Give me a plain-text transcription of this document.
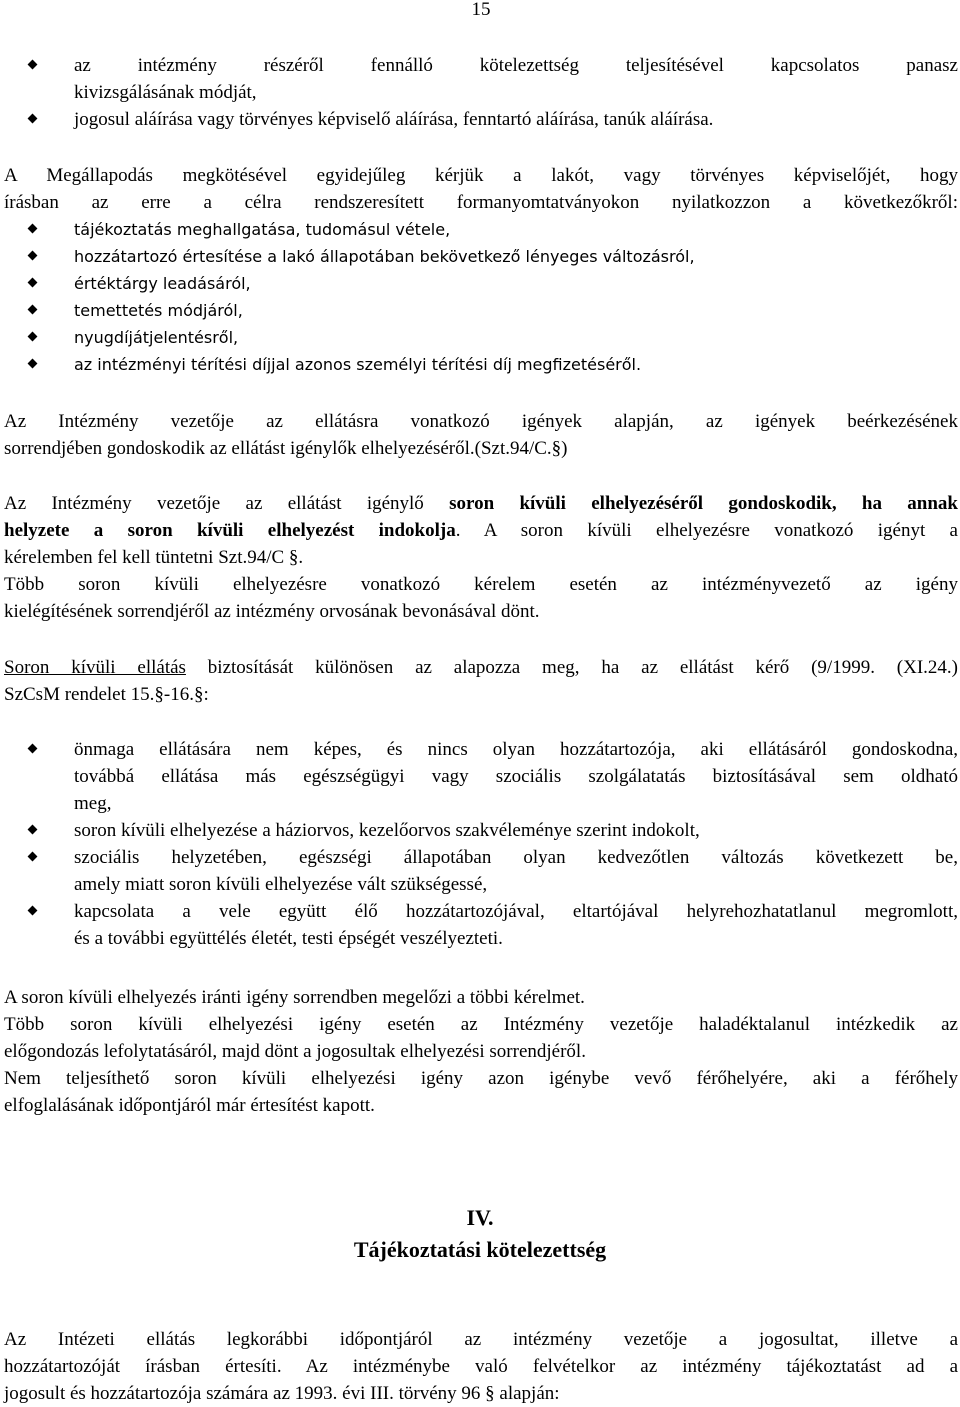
15
az intézmény részéről fennálló kötelezettség teljesítésével kapcsolatos panasz
kivizsgálásának módját,
jogosul aláírása vagy törvényes képviselő aláírása, fenntartó aláírása, tanúk aláírása.
A Megállapodás megkötésével egyidejűleg kérjük a lakót, vagy törvényes képviselőjét, hogy
írásban az erre a célra rendszeresített formanyomtatványokon nyilatkozzon a következőkről:
tájékoztatás meghallgatása, tudomásul vétele,
hozzátartozó értesítése a lakó állapotában bekövetkező lényeges változásról,
értéktárgy leadásáról,
temettetés módjáról,
nyugdíjátjelentésről,
az intézményi térítési díjjal azonos személyi térítési díj megfizetéséről.
Az Intézmény vezetője az ellátásra vonatkozó igények alapján, az igények beérkezésének
sorrendjében gondoskodik az ellátást igénylők elhelyezéséről.(Szt.94/C.§)
Az Intézmény vezetője az ellátást igénylő soron kívüli elhelyezéséről gondoskodik, ha annak
helyzete a soron kívüli elhelyezést indokolja. A soron kívüli elhelyezésre vonatkozó igényt a
kérelemben fel kell tüntetni Szt.94/C §.
Több soron kívüli elhelyezésre vonatkozó kérelem esetén az intézményvezető az igény
kielégítésének sorrendjéről az intézmény orvosának bevonásával dönt.
Soron kívüli ellátás biztosítását különösen az alapozza meg, ha az ellátást kérő (9/1999. (XI.24.)
SzCsM rendelet 15.§-16.§:
önmaga ellátására nem képes, és nincs olyan hozzátartozója, aki ellátásáról gondoskodna,
továbbá ellátása más egészségügyi vagy szociális szolgálatatás biztosításával sem oldható
meg,
soron kívüli elhelyezése a háziorvos, kezelőorvos szakvéleménye szerint indokolt,
szociális helyzetében, egészségi állapotában olyan kedvezőtlen változás következett be,
amely miatt soron kívüli elhelyezése vált szükségessé,
kapcsolata a vele együtt élő hozzátartozójával, eltartójával helyrehozhatatlanul megromlott,
és a további együttélés életét, testi épségét veszélyezteti.
A soron kívüli elhelyezés iránti igény sorrendben megelőzi a többi kérelmet.
Több soron kívüli elhelyezési igény esetén az Intézmény vezetője haladéktalanul intézkedik az
előgondozás lefolytatásáról, majd dönt a jogosultak elhelyezési sorrendjéről.
Nem teljesíthető soron kívüli elhelyezési igény azon igénybe vevő férőhelyére, aki a férőhely
elfoglalásának időpontjáról már értesítést kapott.
IV.
Tájékoztatási kötelezettség
Az Intézeti ellátás legkorábbi időpontjáról az intézmény vezetője a jogosultat, illetve a
hozzátartozóját írásban értesíti. Az intézménybe való felvételkor az intézmény tájékoztatást ad a
jogosult és hozzátartozója számára az 1993. évi III. törvény 96 § alapján:
